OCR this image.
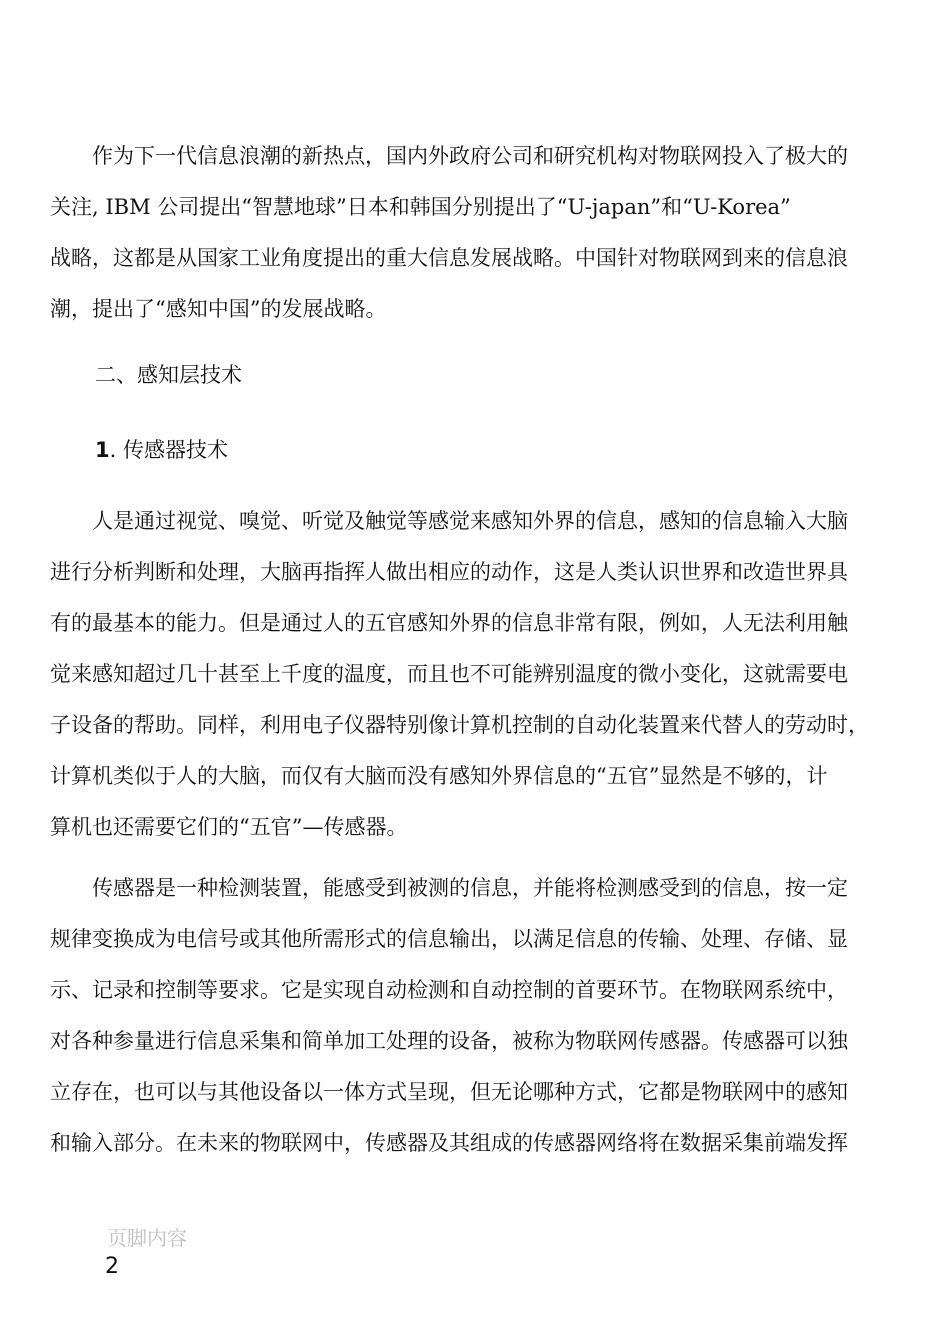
　　作为下一代信息浪潮的新热点，国内外政府公司和研究机构对物联网投入了极大的
关注, IBM 公司提出“智慧地球”日本和韩国分别提出了“U-japan”和“U-Korea”
战略，这都是从国家工业角度提出的重大信息发展战略。中国针对物联网到来的信息浪
潮，提出了“感知中国”的发展战略。
二、感知层技术
1. 传感器技术
　　人是通过视觉、嗅觉、听觉及触觉等感觉来感知外界的信息，感知的信息输入大脑
进行分析判断和处理，大脑再指挥人做出相应的动作，这是人类认识世界和改造世界具
有的最基本的能力。但是通过人的五官感知外界的信息非常有限，例如，人无法利用触
觉来感知超过几十甚至上千度的温度，而且也不可能辨别温度的微小变化，这就需要电
子设备的帮助。同样，利用电子仪器特别像计算机控制的自动化装置来代替人的劳动时，
计算机类似于人的大脑，而仅有大脑而没有感知外界信息的“五官”显然是不够的，计
算机也还需要它们的“五官”—传感器。
　　传感器是一种检测装置，能感受到被测的信息，并能将检测感受到的信息，按一定
规律变换成为电信号或其他所需形式的信息输出，以满足信息的传输、处理、存储、显
示、记录和控制等要求。它是实现自动检测和自动控制的首要环节。在物联网系统中，
对各种参量进行信息采集和简单加工处理的设备，被称为物联网传感器。传感器可以独
立存在，也可以与其他设备以一体方式呈现，但无论哪种方式，它都是物联网中的感知
和输入部分。在未来的物联网中，传感器及其组成的传感器网络将在数据采集前端发挥
页脚内容
2
